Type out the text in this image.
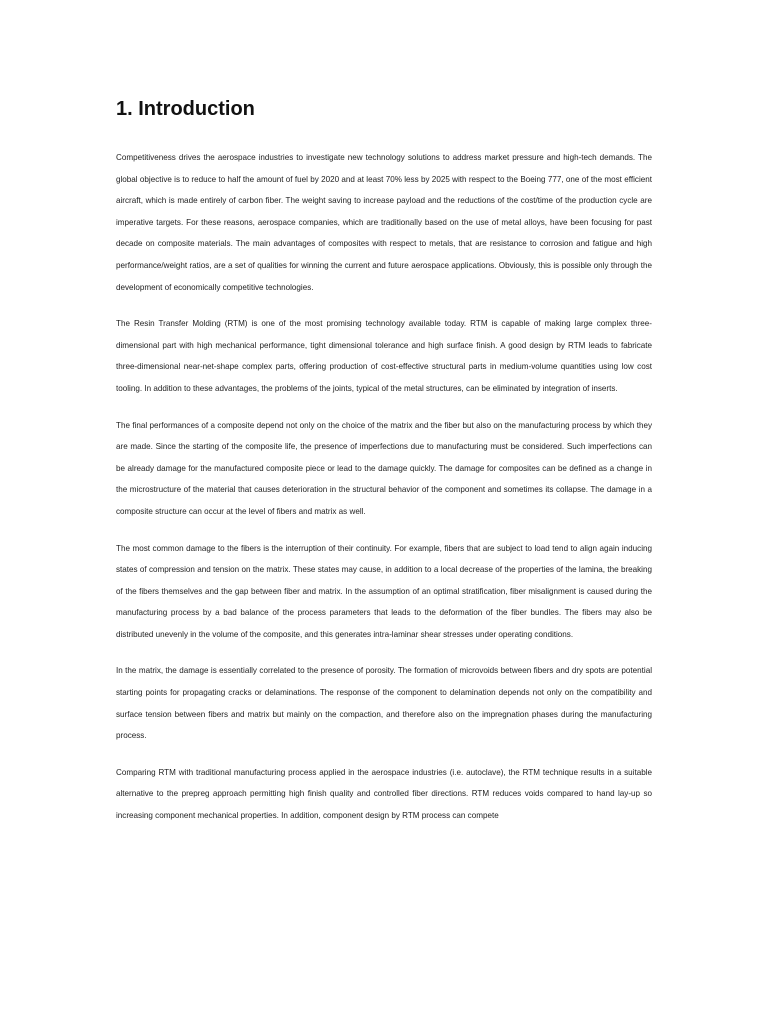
1. Introduction

Competitiveness drives the aerospace industries to investigate new technology solutions to address market pressure and high-tech demands. The global objective is to reduce to half the amount of fuel by 2020 and at least 70% less by 2025 with respect to the Boeing 777, one of the most efficient aircraft, which is made entirely of carbon fiber. The weight saving to increase payload and the reductions of the cost/time of the production cycle are imperative targets. For these reasons, aerospace companies, which are traditionally based on the use of metal alloys, have been focusing for past decade on composite materials. The main advantages of composites with respect to metals, that are resistance to corrosion and fatigue and high performance/weight ratios, are a set of qualities for winning the current and future aerospace applications. Obviously, this is possible only through the development of economically competitive technologies.

The Resin Transfer Molding (RTM) is one of the most promising technology available today. RTM is capable of making large complex three-dimensional part with high mechanical performance, tight dimensional tolerance and high surface finish. A good design by RTM leads to fabricate three-dimensional near-net-shape complex parts, offering production of cost-effective structural parts in medium-volume quantities using low cost tooling. In addition to these advantages, the problems of the joints, typical of the metal structures, can be eliminated by integration of inserts.

The final performances of a composite depend not only on the choice of the matrix and the fiber but also on the manufacturing process by which they are made. Since the starting of the composite life, the presence of imperfections due to manufacturing must be considered. Such imperfections can be already damage for the manufactured composite piece or lead to the damage quickly. The damage for composites can be defined as a change in the microstructure of the material that causes deterioration in the structural behavior of the component and sometimes its collapse. The damage in a composite structure can occur at the level of fibers and matrix as well.

The most common damage to the fibers is the interruption of their continuity. For example, fibers that are subject to load tend to align again inducing states of compression and tension on the matrix. These states may cause, in addition to a local decrease of the properties of the lamina, the breaking of the fibers themselves and the gap between fiber and matrix. In the assumption of an optimal stratification, fiber misalignment is caused during the manufacturing process by a bad balance of the process parameters that leads to the deformation of the fiber bundles. The fibers may also be distributed unevenly in the volume of the composite, and this generates intra-laminar shear stresses under operating conditions.

In the matrix, the damage is essentially correlated to the presence of porosity. The formation of microvoids between fibers and dry spots are potential starting points for propagating cracks or delaminations. The response of the component to delamination depends not only on the compatibility and surface tension between fibers and matrix but mainly on the compaction, and therefore also on the impregnation phases during the manufacturing process.

Comparing RTM with traditional manufacturing process applied in the aerospace industries (i.e. autoclave), the RTM technique results in a suitable alternative to the prepreg approach permitting high finish quality and controlled fiber directions. RTM reduces voids compared to hand lay-up so increasing component mechanical properties. In addition, component design by RTM process can compete
